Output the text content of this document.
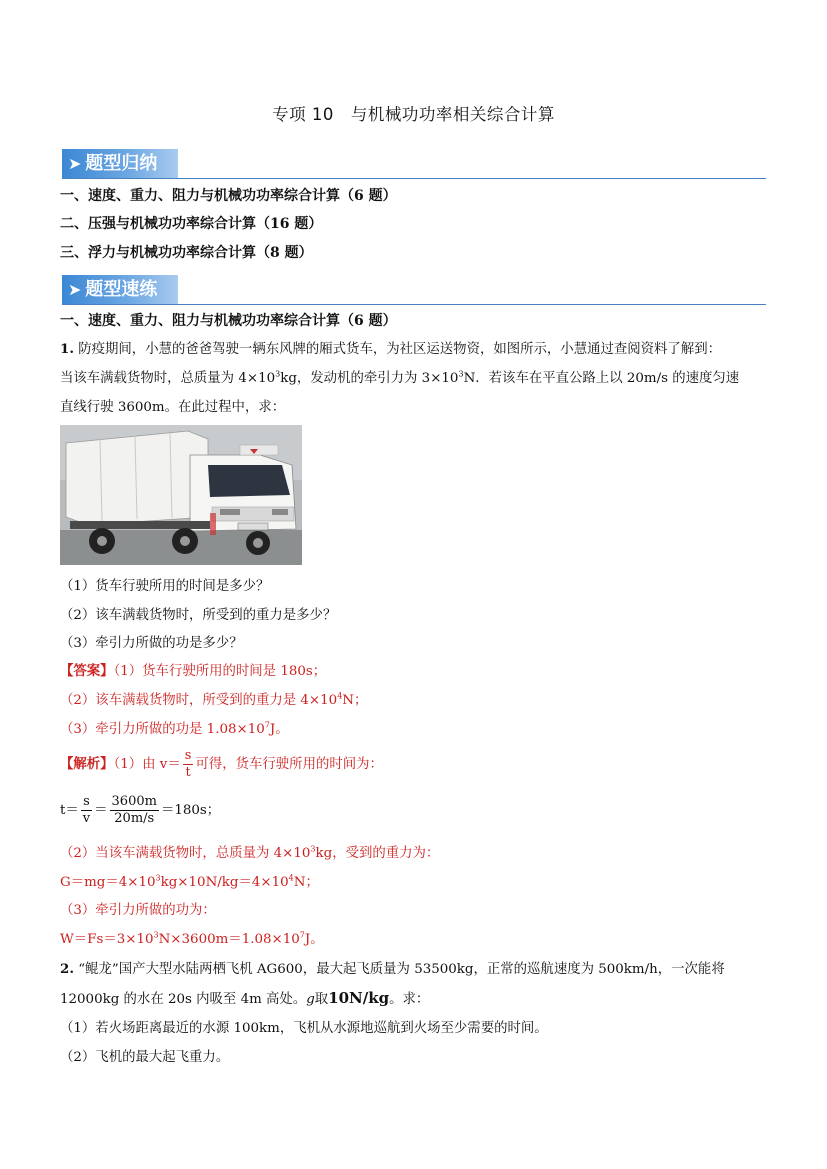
专项 10　与机械功功率相关综合计算
➤ 题型归纳
一、速度、重力、阻力与机械功功率综合计算（6 题）
二、压强与机械功功率综合计算（16 题）
三、浮力与机械功功率综合计算（8 题）
➤ 题型速练
一、速度、重力、阻力与机械功功率综合计算（6 题）
1. 防疫期间，小慧的爸爸驾驶一辆东风牌的厢式货车，为社区运送物资，如图所示，小慧通过查阅资料了解到：
当该车满载货物时，总质量为 $4\times 10^3kg$，发动机的牵引力为 $3\times 10^3N$．若该车在平直公路上以 20m/s 的速度匀速
直线行驶 3600m。在此过程中，求：
（1）货车行驶所用的时间是多少？
（2）该车满载货物时，所受到的重力是多少？
（3）牵引力所做的功是多少？
【答案】（1）货车行驶所用的时间是 180s；
（2）该车满载货物时，所受到的重力是 $4\times 10^4N$；
（3）牵引力所做的功是 $1.08\times 10^7J$。
【解析】（1）由 $v= \frac{s}{t}$ 可得，货车行驶所用的时间为：
$t= \frac{s}{v} = \frac{3600m}{20m/s} =180s$；
（2）当该车满载货物时，总质量为 $4\times 10^3kg$，受到的重力为：
$G=mg=4\times 10^3kg\times 10N/kg=4\times 10^4N$；
（3）牵引力所做的功为：
$W=Fs=3\times 10^3N\times 3600m=1.08\times 10^7J$。
2. “鲲龙”国产大型水陆两栖飞机 AG600，最大起飞质量为 53500kg，正常的巡航速度为 500km/h，一次能将
12000kg 的水在 20s 内吸至 4m 高处。g取10N/kg。求：
（1）若火场距离最近的水源 100km，飞机从水源地巡航到火场至少需要的时间。
（2）飞机的最大起飞重力。
